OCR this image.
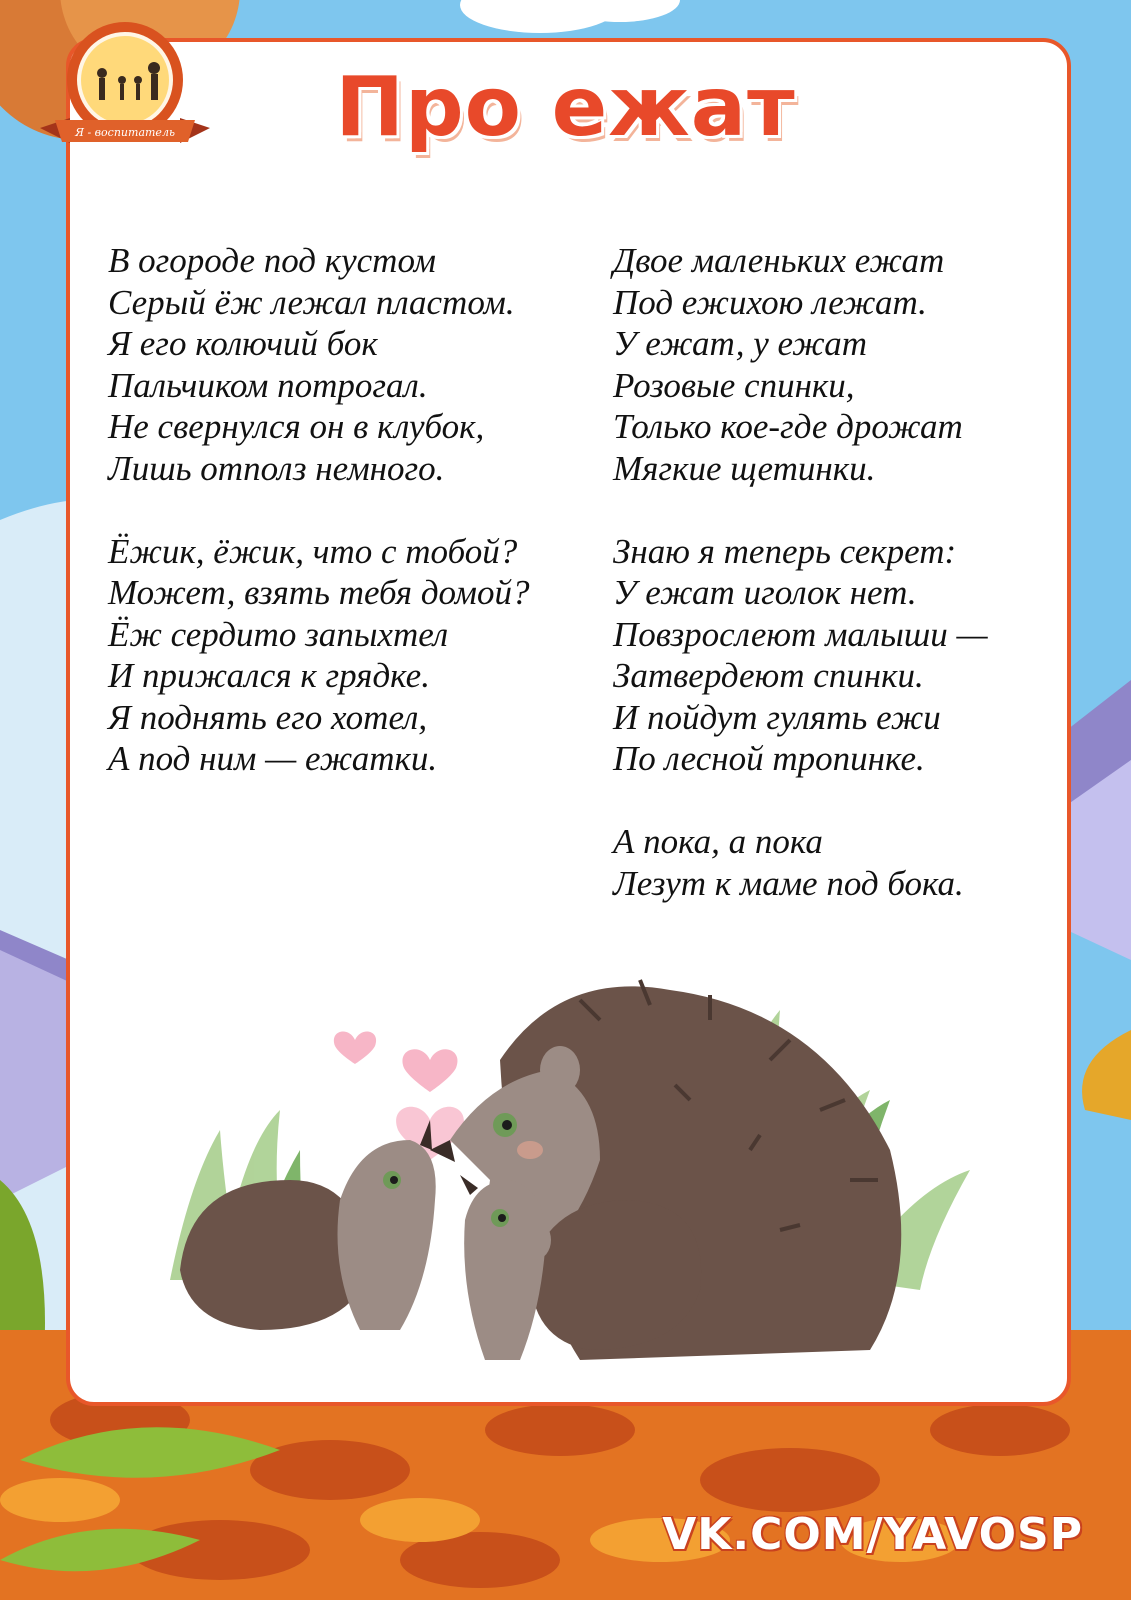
Я - воспитатель	Про ежат
В огороде под кустом
Серый ёж лежал пластом.
Я его колючий бок
Пальчиком потрогал.
Не свернулся он в клубок,
Лишь отполз немного.
Ёжик, ёжик, что с тобой?
Может, взять тебя домой?
Ёж сердито запыхтел
И прижался к грядке.
Я поднять его хотел,
А под ним — ежатки.
Двое маленьких ежат
Под ежихою лежат.
У ежат, у ежат
Розовые спинки,
Только кое-где дрожат
Мягкие щетинки.
Знаю я теперь секрет:
У ежат иголок нет.
Повзрослеют малыши —
Затвердеют спинки.
И пойдут гулять ежи
По лесной тропинке.
А пока, а пока
Лезут к маме под бока.
VK.COM/YAVOSP
